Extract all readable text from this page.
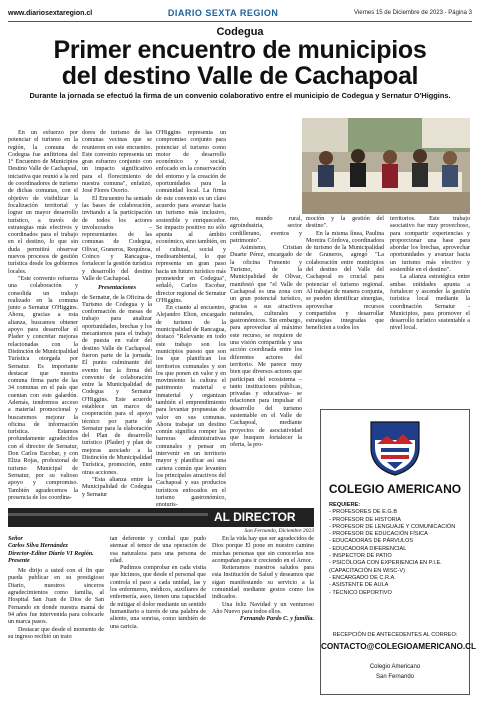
www.diariosextaregion.cl	DIARIO SEXTA REGION	Viernes 15 de Diciembre de 2023 - Página 3
Codegua
Primer encuentro de municipios
del destino Valle de Cachapoal
Durante la jornada se efectuó la firma de un convenio colaborativo entre el municipio de Codegua y Sernatur O'Higgins.

En un esfuerzo por potenciar el turismo en la región, la comuna de Codegua fue anfitriona del 1° Encuentro de Municipios Destino Valle de Cachapoal, iniciativa que reunió a la red de coordinadores de turismo de dichas comunas, con el objetivo de visibilizar la focalización territorial y lograr un mayor desarrollo turístico, a través de estrategias más efectivos y coordinados para el trabajo en el destino, lo que sin duda permitirá observar nuevos procesos de gestión turística desde los gobiernos locales.

"Este convenio refuerza una colaboración y consolida un trabajo realizado en la comuna junto a Sernatur O'Higgins. Ahora, gracias a esta alianza, buscamos obtener apoyo para desarrollar el Plader y concretar mejoras relacionadas con la Distinción de Municipalidad Turística otorgada por Sernatur. Es importante destacar que nuestra comuna firma parte de las 34 comunas en el país que cuentan con este galardón. Además, tendremos acceso a material promocional y buscaremos mejorar la oficina de información turística. Estamos profundamente agradecidos con el director de Sernatur, Don Carlos Escobar, y con Eliza Rojas, profesional de turismo Municipal de Sernatur, por su valioso apoyo y compromiso. También agradecemos la presencia de los coordina-

dores de turismo de las comunas vecinas que se reunieron en este encuentro. Este convenio representa un gran esfuerzo conjunto con un impacto significativo para el florecimiento de nuestra comuna", enfatizó, José Flores Osorio.

El Encuentro ha sentado las bases de colaboración, invitando a la participación de todos los actores involucrados – representantes de las comunas de Codegua, Olivar, Graneros, Requínoa, Coinco y Rancagua-, fortalecer la gestión turística y desarrollo del destino Valle de Cachapoal.

Presentaciones

de Sernatur, de la Oficina de Turismo de Codegua y la conformación de mesas de trabajo para analizar oportunidades, brechas y los mecanismos para el trabajo de puesta en valor del destino Valle de Cachapoal, fueron parte de la jornada. El punto culminante del evento fue la firma del convenio de colaboración entre la Municipalidad de Codegua y Sernatur O'Higgins. Este acuerdo establece un marco de cooperación para el apoyo técnico por parte de Sernatur para la elaboración del Plan de desarrollo turístico (Plader) y plan de mejoras asociado a la Distinción de Municipalidad Turística, promoción, entre otras acciones.

"Esta alianza entre la Municipalidad de Codegua y Sernatur

O'Higgins representa un compromiso conjunto para potenciar el turismo como motor de desarrollo económico y social, enfocado en la conservación del entorno y la creación de oportunidades para la comunidad local. La firma de este convenio es un claro acuerdo para avanzar hacia un turismo más inclusivo, sostenible y enriquecedor. Se impacto positivo no sólo apunta al ámbito económico, sino también, en el cultural, social y medioambiental, lo que representa un gran paso hacia un futuro turístico más prometedor en Codegua", señaló, Carlos Escobar, director regional de Sernatur O'Higgins.

En cuanto al encuentro, Alejandro Elton, encargado de turismo de la municipalidad de Rancagua, destacó "Relevante en todo este trabajo son los municipios puesto que son los que planifican los territorios comunales y son los que ponen en valor y en movimiento la cultura el patrimonio material e inmaterial y organizan también el emprendimiento para levantar propuestas de valor en sus comunas. Ahora trabajar un destino común significa romper las barreras administrativas comunales y pensar en intervenir en un territorio mayor y planificar así una cartera común que levanten los principales atractivos del Cachapoal y sus productos turísticos enfocados en el turismo gastronómico, enoturis-

mo, mundo rural, agroindustria, sector cordillerano, eventos y patrimonio".

Asimismo, Cristian Duarte Pérez, encargado de la oficina Fomento y Turismo, de la Municipalidad de Olivar, manifestó que "el Valle de Cachapoal es una zona con un gran potencial turístico, gracias a sus atractivos naturales, culturales y gastronómicos. Sin embargo, para aprovechar al máximo este recurso, se requiere de una visión compartida y una acción coordinada entre los diferentes actores del territorio. Me parece muy bien que diversos actores que participan del ecosistema –tanto instituciones públicas, privadas y educativas– se relacionen para impulsar el desarrollo del turismo sustentable en el Valle de Cachapoal, mediante proyectos de asociatividad que busquen fortalecer la oferta, la pro-

moción y la gestión del destino".

En la misma línea, Paulina Moreira Córdova, coordinadora de turismo de la Municipalidad de Graneros, agregó "La colaboración entre municipios del destino del Valle del Cachapoal es crucial para potenciar el turismo regional. Al trabajar de manera conjunta, se pueden identificar sinergias, aprovechar recursos compartidos y desarrollar estrategias integradas que beneficien a todos los

territorios. Este trabajo asociativo fue muy provechoso, para compartir experiencias y proporcionar una base para abordar los brechas, aprovechar oportunidades y avanzar hacia un turismo más efectivo y sostenible en el destino".

La alianza estratégica entre ambas entidades apunta a fortalecer y ascender la gestión turística local mediante la coordinación Sernatur - Municipios, para promover el desarrollo turístico sustentable a nivel local.

COLEGIO AMERICANO
REQUIERE:
- PROFESORES DE E.G.B
- PROFESOR DE HISTORIA
- PROFESOR DE LENGUAJE Y COMUNICACIÓN
- PROFESOR DE EDUCACIÓN FÍSICA
- EDUCADORAS DE PÁRVULOS
- EDUCADORA DIFERENCIAL
- INSPECTOR DE PATIO
- PSICÓLOGA CON EXPERIENCIA EN P.I.E. (CAPACITACIÓN EN WISC-V)
- ENCARGADO DE C.R.A.
- ASISTENTE DE AULA
- TÉCNICO DEPORTIVO
RECEPCIÓN DE ANTECEDENTES AL CORREO:
CONTACTO@COLEGIOAMERICANO.CL
Colegio Americano
San Fernando
AL DIRECTOR
San Fernando, Diciembre 2023

Señor

Carlos Silva Hernández

Director-Editor Diario VI Región.

Presente

Me dirijo a usted con el fin que pueda publicar en su prestigioso Diario, nuestros sinceros agradecimientos como familia, al Hospital San Juan de Dios de San Fernando en donde nuestra mamá de 94 años fue intervenida para colocarle un marca pasos.

Destacar que desde el momento de su ingreso recibió un trato

tan deferente y cordial que pudo atenuar el temor de una operación de esa naturaleza para una persona de edad.

Pudimos comprobar en cada visita que hicimos, que desde el personal que controla el paso a cada unidad, las y los enfermeros, médicos, auxiliares de enfermería, aseo, tienen una capacidad de mitigar el dolor mediante un sentido humanitario a través de una palabra de aliento, una sonrisa, como también de una caricia.

En la vida hay que ser agradecidos de Dios porque El pone en nuestro camino muchas personas que sin conocerlas nos acompañan para ir creciendo en el Amor.

Reiteramos nuestros saludos para esta Institución de Salud y deseamos que sigan manifestando su servicio a la comunidad mediante gestos como los indicados.

Una feliz Navidad y un venturoso Año Nuevo para todos ellos.

Fernando Pardo C. y familia.
